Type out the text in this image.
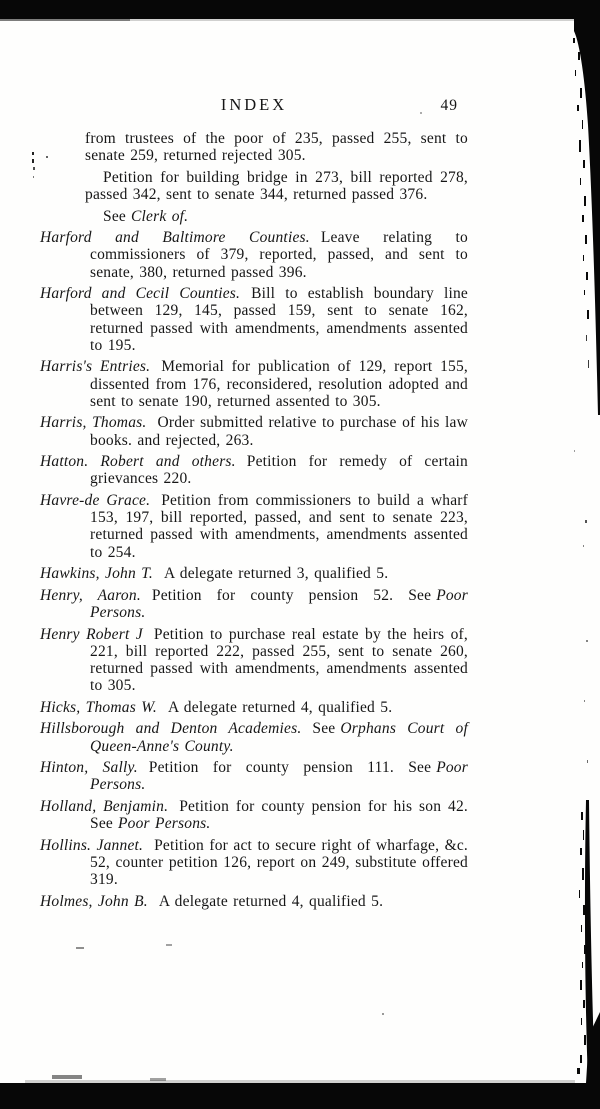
INDEX	49

from trustees of the poor of 235, passed 255, sent to senate 259, returned rejected 305.

Petition for building bridge in 273, bill reported 278, passed 342, sent to senate 344, returned passed 376.

See Clerk of.

Harford and Baltimore Counties. Leave relating to commissioners of 379, reported, passed, and sent to senate, 380, returned passed 396.

Harford and Cecil Counties. Bill to establish boundary line between 129, 145, passed 159, sent to senate 162, returned passed with amendments, amendments assented to 195.

Harris's Entries. Memorial for publication of 129, report 155, dissented from 176, reconsidered, resolution adopted and sent to senate 190, returned assented to 305.

Harris, Thomas. Order submitted relative to purchase of his law books. and rejected, 263.

Hatton. Robert and others. Petition for remedy of certain grievances 220.

Havre-de Grace. Petition from commissioners to build a wharf 153, 197, bill reported, passed, and sent to senate 223, returned passed with amendments, amendments assented to 254.

Hawkins, John T. A delegate returned 3, qualified 5.

Henry, Aaron. Petition for county pension 52. See Poor Persons.

Henry Robert J Petition to purchase real estate by the heirs of, 221, bill reported 222, passed 255, sent to senate 260, returned passed with amendments, amendments assented to 305.

Hicks, Thomas W. A delegate returned 4, qualified 5.

Hillsborough and Denton Academies. See Orphans Court of Queen-Anne's County.

Hinton, Sally. Petition for county pension 111. See Poor Persons.

Holland, Benjamin. Petition for county pension for his son 42. See Poor Persons.

Hollins. Jannet. Petition for act to secure right of wharfage, &c. 52, counter petition 126, report on 249, substitute offered 319.

Holmes, John B. A delegate returned 4, qualified 5.
